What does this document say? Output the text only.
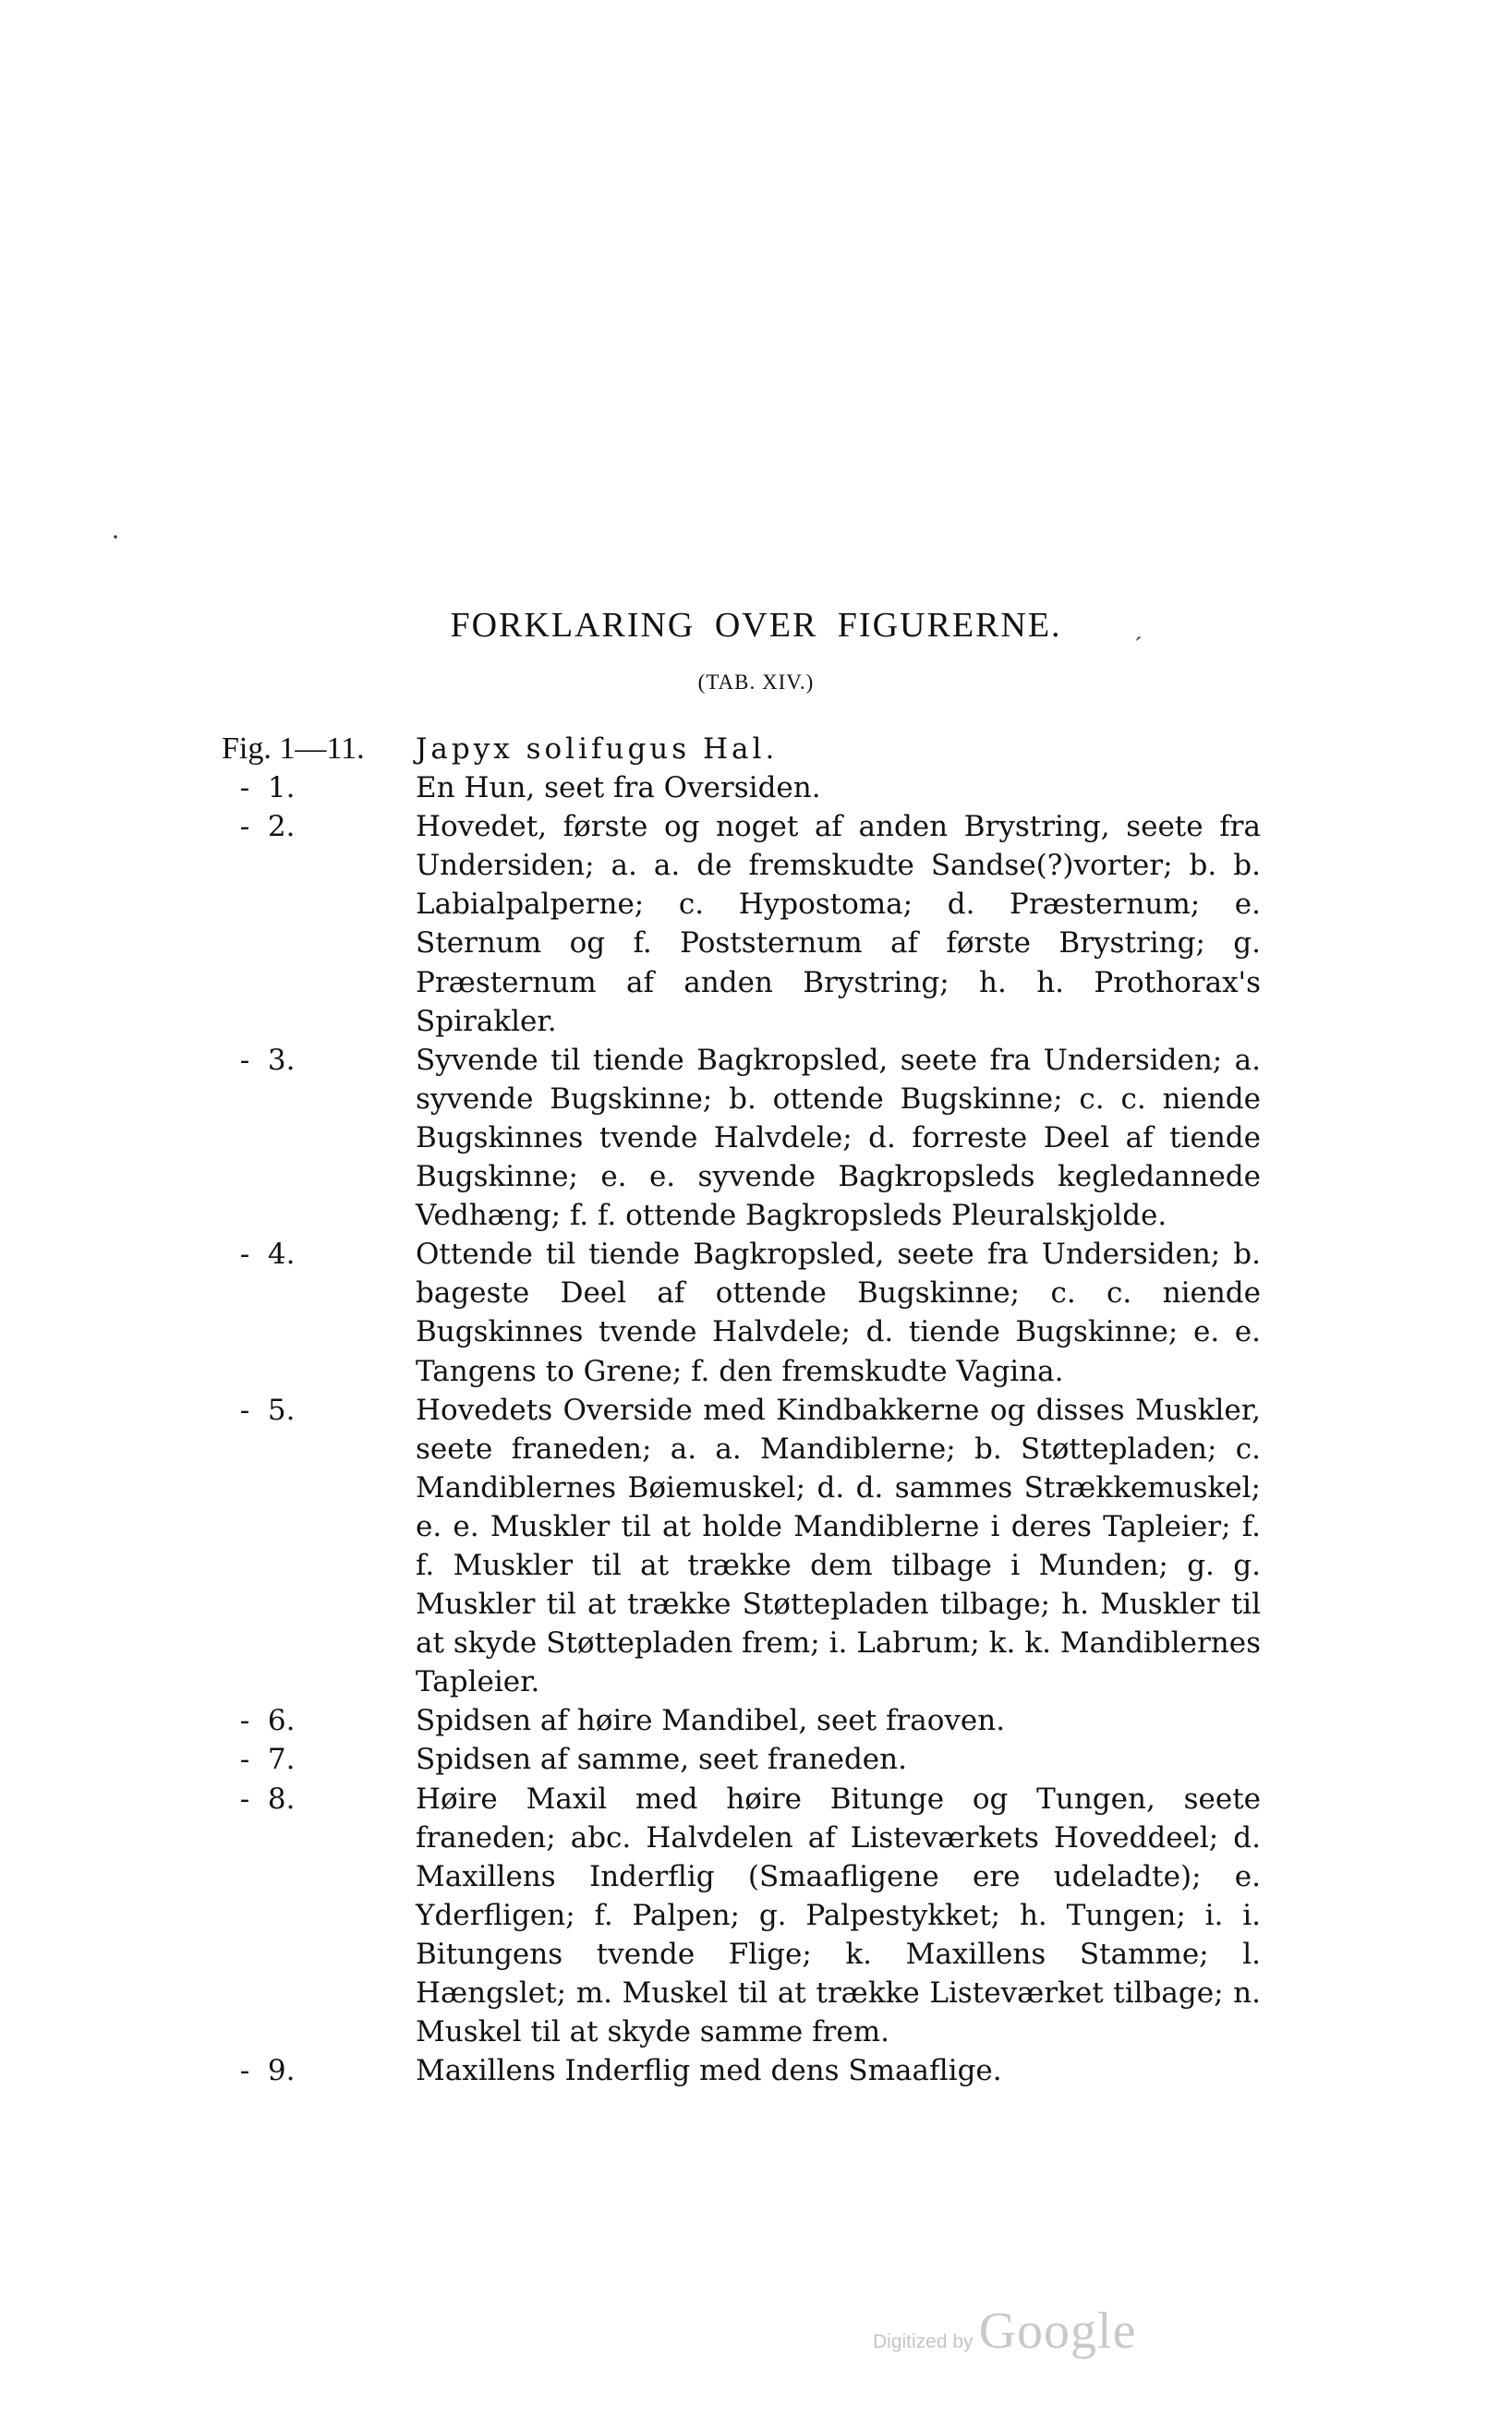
·
´
FORKLARING OVER FIGURERNE.
(TAB. XIV.)
Fig. 1—11.	Japyx solifugus Hal.
-  1.	En Hun, seet fra Oversiden.
-  2.	Hovedet, første og noget af anden Brystring, seete fra Undersiden; a. a. de fremskudte Sandse(?)vorter; b. b. Labialpalperne; c. Hypostoma; d. Præsternum; e. Sternum og f. Poststernum af første Brystring; g. Præsternum af anden Brystring; h. h. Prothorax's Spirakler.
-  3.	Syvende til tiende Bagkropsled, seete fra Undersiden; a. syvende Bugskinne; b. ottende Bugskinne; c. c. niende Bugskinnes tvende Halvdele; d. forreste Deel af tiende Bugskinne; e. e. syvende Bagkropsleds kegledannede Vedhæng; f. f. ottende Bagkropsleds Pleuralskjolde.
-  4.	Ottende til tiende Bagkropsled, seete fra Undersiden; b. bageste Deel af ottende Bugskinne; c. c. niende Bugskinnes tvende Halvdele; d. tiende Bugskinne; e. e. Tangens to Grene; f. den fremskudte Vagina.
-  5.	Hovedets Overside med Kindbakkerne og disses Muskler, seete franeden; a. a. Mandiblerne; b. Støttepladen; c. Mandiblernes Bøiemuskel; d. d. sammes Strækkemuskel; e. e. Muskler til at holde Mandiblerne i deres Tapleier; f. f. Muskler til at trække dem tilbage i Munden; g. g. Muskler til at trække Støttepladen tilbage; h. Muskler til at skyde Støttepladen frem; i. Labrum; k. k. Mandiblernes Tapleier.
-  6.	Spidsen af høire Mandibel, seet fraoven.
-  7.	Spidsen af samme, seet franeden.
-  8.	Høire Maxil med høire Bitunge og Tungen, seete franeden; abc. Halvdelen af Listeværkets Hoveddeel; d. Maxillens Inderflig (Smaafligene ere udeladte); e. Yderfligen; f. Palpen; g. Palpestykket; h. Tungen; i. i. Bitungens tvende Flige; k. Maxillens Stamme; l. Hængslet; m. Muskel til at trække Listeværket tilbage; n. Muskel til at skyde samme frem.
-  9.	Maxillens Inderflig med dens Smaaflige.
Digitized by Google
